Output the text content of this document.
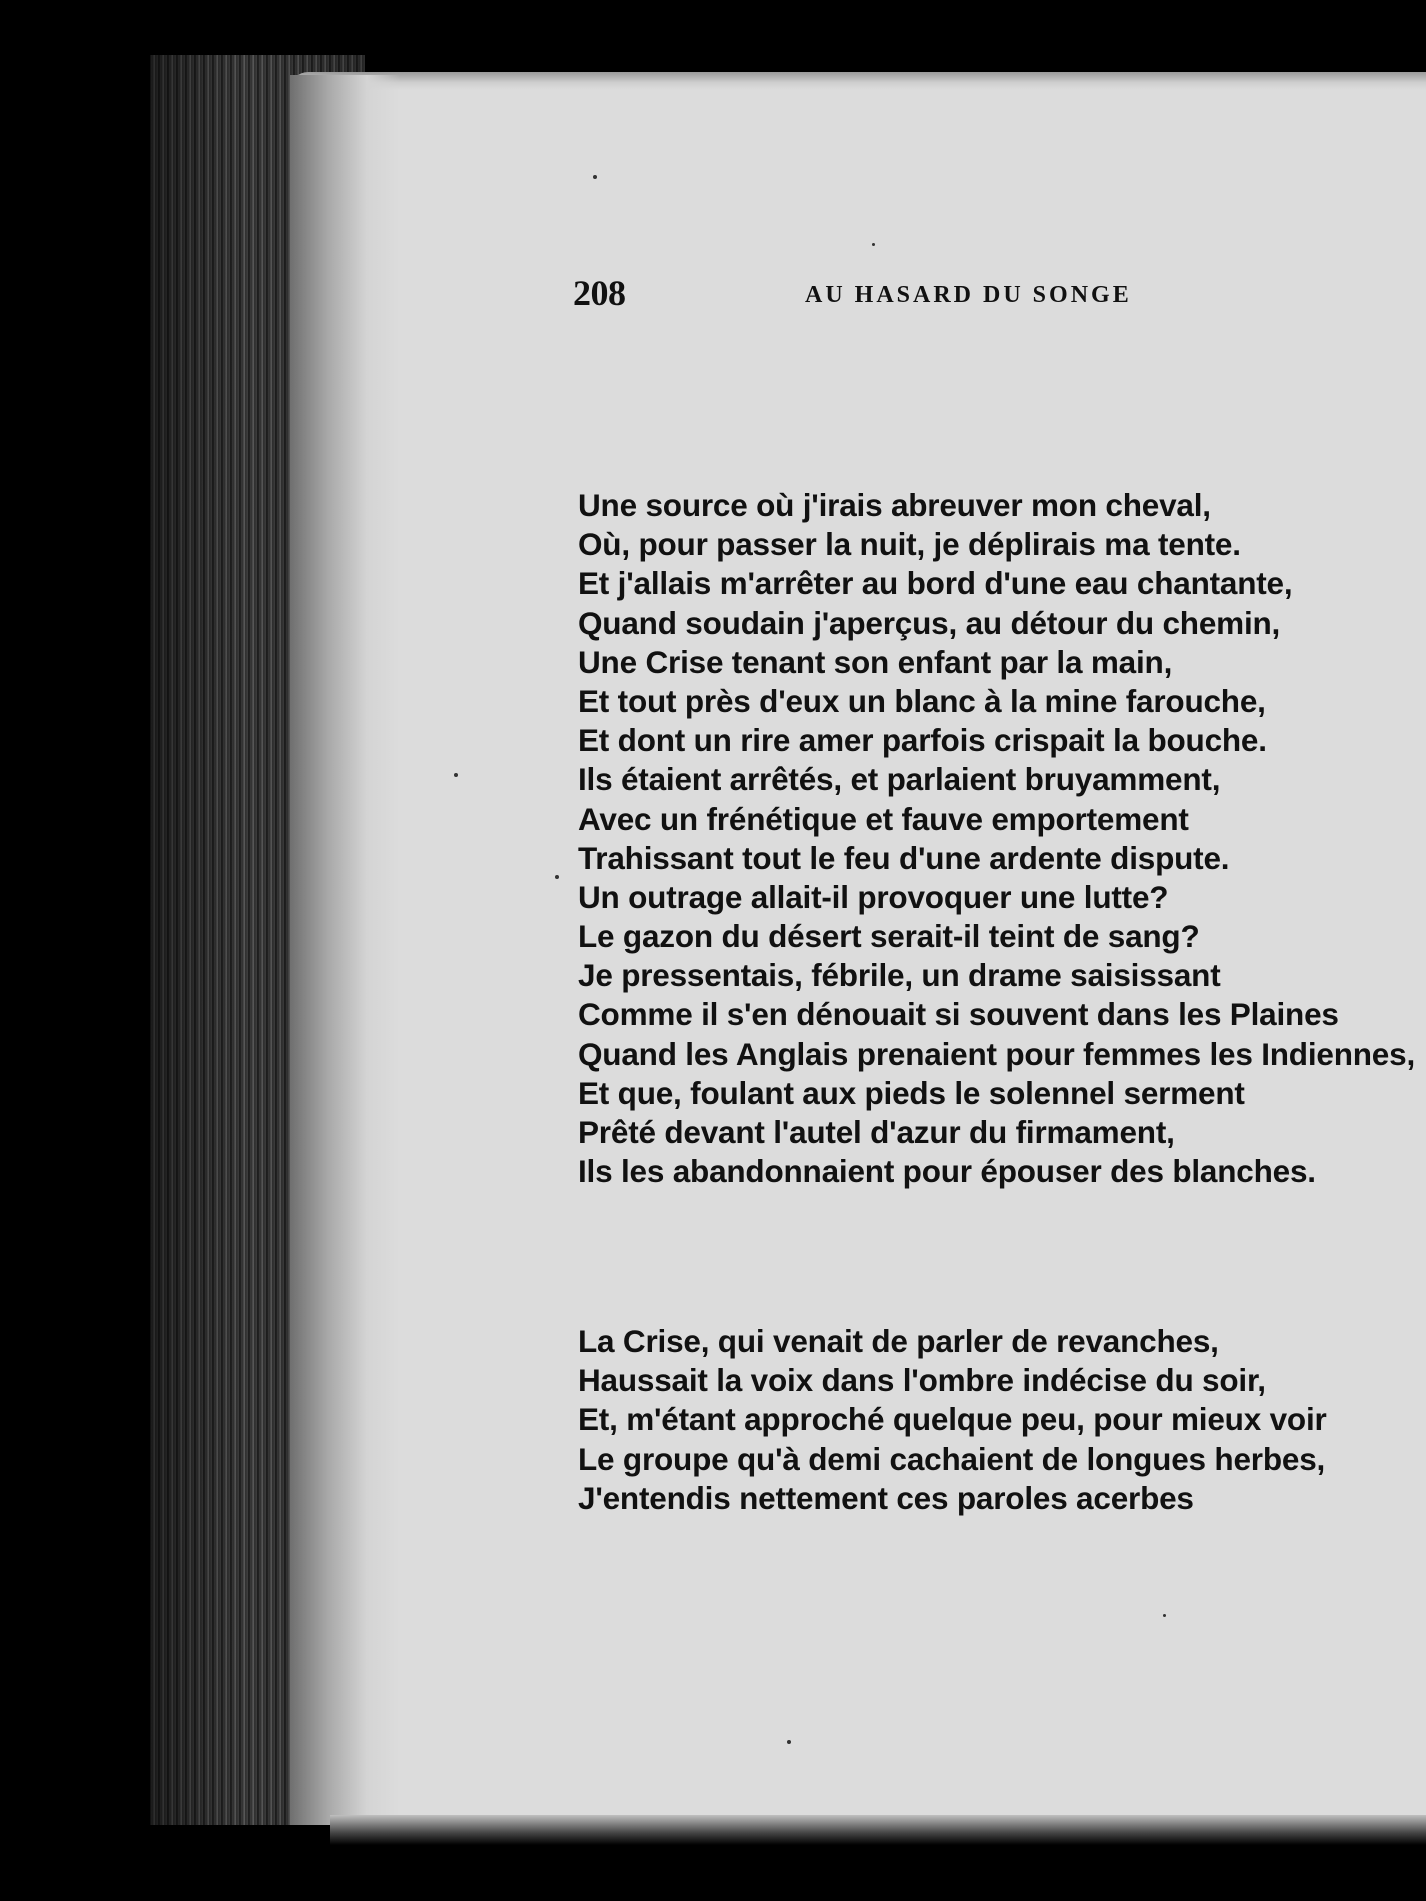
208	AU HASARD DU SONGE
Une source où j'irais abreuver mon cheval,
Où, pour passer la nuit, je déplirais ma tente.
Et j'allais m'arrêter au bord d'une eau chantante,
Quand soudain j'aperçus, au détour du chemin,
Une Crise tenant son enfant par la main,
Et tout près d'eux un blanc à la mine farouche,
Et dont un rire amer parfois crispait la bouche.
Ils étaient arrêtés, et parlaient bruyamment,
Avec un frénétique et fauve emportement
Trahissant tout le feu d'une ardente dispute.
Un outrage allait-il provoquer une lutte?
Le gazon du désert serait-il teint de sang?
Je pressentais, fébrile, un drame saisissant
Comme il s'en dénouait si souvent dans les Plaines
Quand les Anglais prenaient pour femmes les Indiennes,
Et que, foulant aux pieds le solennel serment
Prêté devant l'autel d'azur du firmament,
Ils les abandonnaient pour épouser des blanches.
La Crise, qui venait de parler de revanches,
Haussait la voix dans l'ombre indécise du soir,
Et, m'étant approché quelque peu, pour mieux voir
Le groupe qu'à demi cachaient de longues herbes,
J'entendis nettement ces paroles acerbes
